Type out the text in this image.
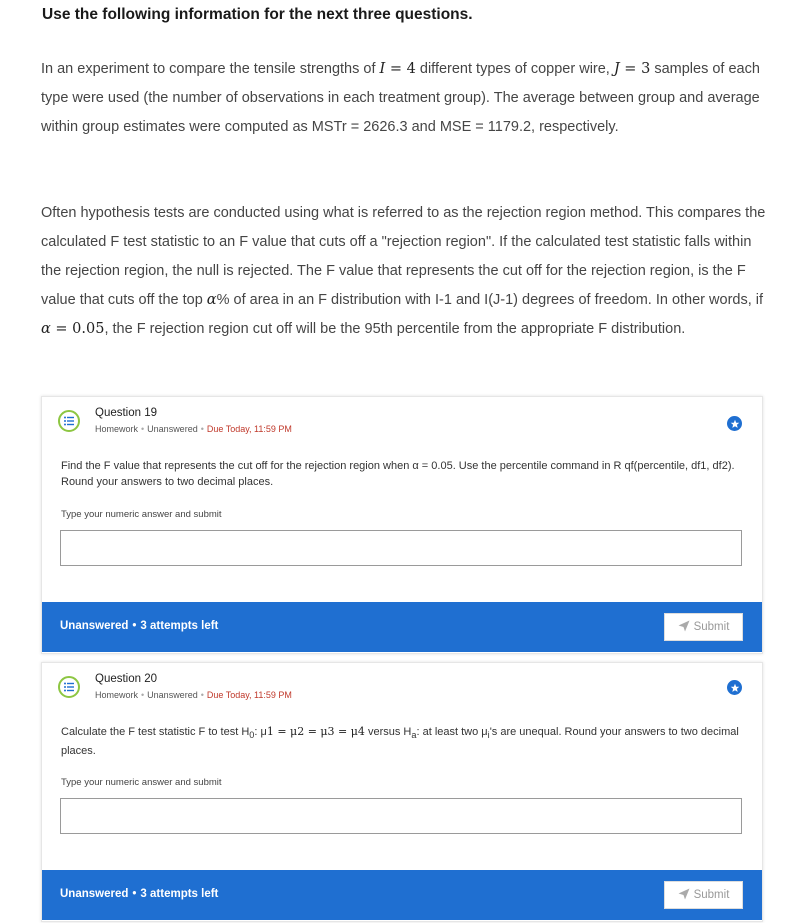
Use the following information for the next three questions.
In an experiment to compare the tensile strengths of I = 4 different types of copper wire, J = 3 samples of each type were used (the number of observations in each treatment group). The average between group and average within group estimates were computed as MSTr = 2626.3 and MSE = 1179.2, respectively.
Often hypothesis tests are conducted using what is referred to as the rejection region method. This compares the calculated F test statistic to an F value that cuts off a "rejection region". If the calculated test statistic falls within the rejection region, the null is rejected. The F value that represents the cut off for the rejection region, is the F value that cuts off the top α% of area in an F distribution with I-1 and I(J-1) degrees of freedom. In other words, if α = 0.05, the F rejection region cut off will be the 95th percentile from the appropriate F distribution.
Question 19
Homework • Unanswered • Due Today, 11:59 PM
Find the F value that represents the cut off for the rejection region when α = 0.05. Use the percentile command in R qf(percentile, df1, df2). Round your answers to two decimal places.
Type your numeric answer and submit
Unanswered • 3 attempts left	Submit
Question 20
Homework • Unanswered • Due Today, 11:59 PM
Calculate the F test statistic F to test $H_0$: μ1 = μ2 = μ3 = μ4 versus $H_a$: at least two $\mu_i's$ are unequal. Round your answers to two decimal places.
Type your numeric answer and submit
Unanswered • 3 attempts left	Submit
